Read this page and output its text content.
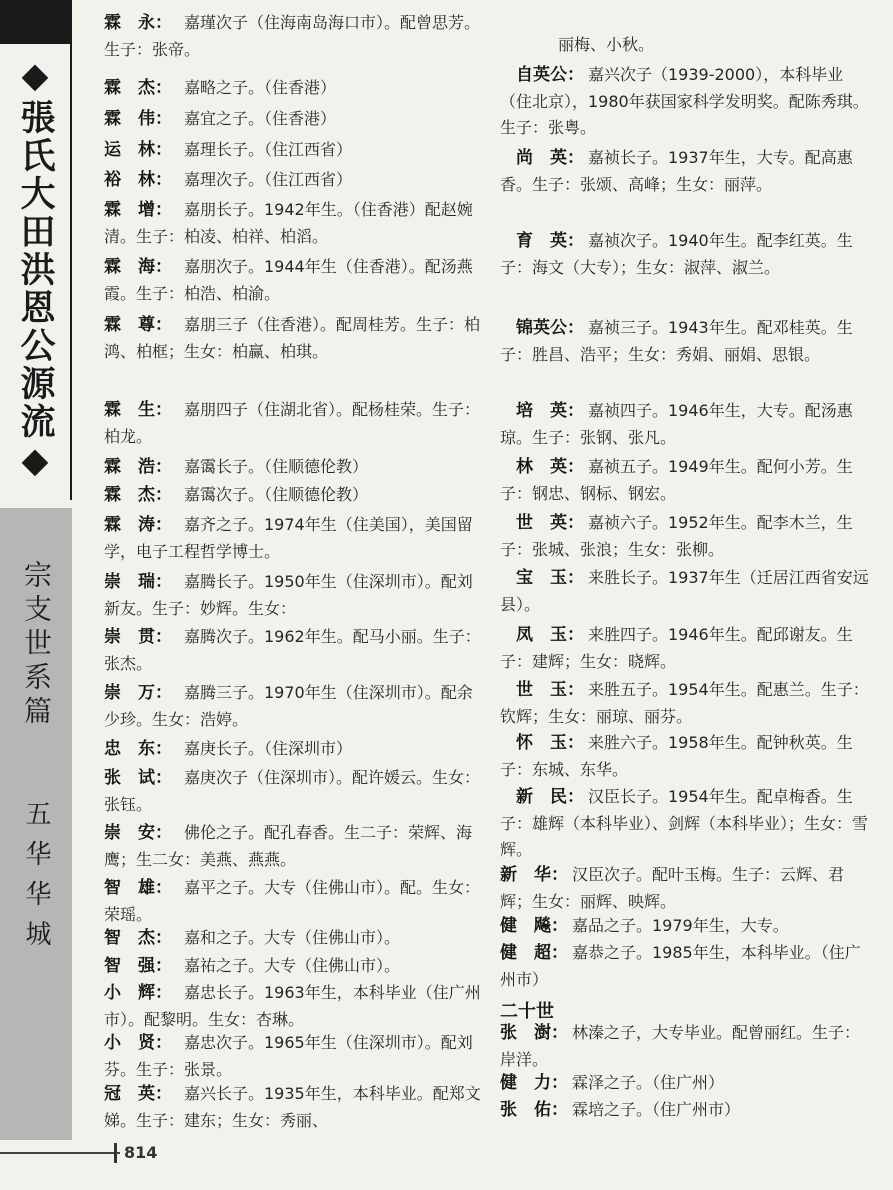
◆張氏大田洪恩公源流◆
宗支世系篇
五华华城
814
霖　永： 嘉瑾次子（住海南岛海口市）。配曾思芳。生子：张帝。

霖　杰： 嘉略之子。（住香港）

霖　伟： 嘉宜之子。（住香港）

运　林： 嘉理长子。（住江西省）

裕　林： 嘉理次子。（住江西省）

霖　增： 嘉朋长子。1942年生。（住香港）配赵婉清。生子：柏凌、柏祥、柏滔。

霖　海： 嘉朋次子。1944年生（住香港）。配汤燕霞。生子：柏浩、柏渝。

霖　尊： 嘉朋三子（住香港）。配周桂芳。生子：柏鸿、柏框；生女：柏赢、柏琪。

霖　生： 嘉朋四子（住湖北省）。配杨桂荣。生子：柏龙。

霖　浩： 嘉霭长子。（住顺德伦教）

霖　杰： 嘉霭次子。（住顺德伦教）

霖　涛： 嘉齐之子。1974年生（住美国），美国留学，电子工程哲学博士。

崇　瑞： 嘉腾长子。1950年生（住深圳市）。配刘新友。生子：妙辉。生女：

崇　贯： 嘉腾次子。1962年生。配马小丽。生子：张杰。

崇　万： 嘉腾三子。1970年生（住深圳市）。配余少珍。生女：浩婷。

忠　东： 嘉庚长子。（住深圳市）

张　试： 嘉庚次子（住深圳市）。配许媛云。生女：张钰。

崇　安： 佛伦之子。配孔春香。生二子：荣辉、海鹰；生二女：美燕、燕燕。

智　雄： 嘉平之子。大专（住佛山市）。配。生女：荣瑶。

智　杰： 嘉和之子。大专（住佛山市）。

智　强： 嘉祐之子。大专（住佛山市）。

小　辉： 嘉忠长子。1963年生，本科毕业（住广州市）。配黎明。生女：杏琳。

小　贤： 嘉忠次子。1965年生（住深圳市）。配刘芬。生子：张景。

冠　英： 嘉兴长子。1935年生，本科毕业。配郑文娣。生子：建东；生女：秀丽、

丽梅、小秋。

自英公： 嘉兴次子（1939-2000），本科毕业（住北京），1980年获国家科学发明奖。配陈秀琪。生子：张粤。

尚　英： 嘉祯长子。1937年生，大专。配高惠香。生子：张颂、高峰；生女：丽萍。

育　英： 嘉祯次子。1940年生。配李红英。生子：海文（大专）；生女：淑萍、淑兰。

锦英公： 嘉祯三子。1943年生。配邓桂英。生子：胜昌、浩平；生女：秀娟、丽娟、思银。

培　英： 嘉祯四子。1946年生，大专。配汤惠琼。生子：张钢、张凡。

林　英： 嘉祯五子。1949年生。配何小芳。生子：钢忠、钢标、钢宏。

世　英： 嘉祯六子。1952年生。配李木兰，生子：张城、张浪；生女：张柳。

宝　玉： 来胜长子。1937年生（迁居江西省安远县）。

凤　玉： 来胜四子。1946年生。配邱谢友。生子：建辉；生女：晓辉。

世　玉： 来胜五子。1954年生。配惠兰。生子：钦辉；生女：丽琼、丽芬。

怀　玉： 来胜六子。1958年生。配钟秋英。生子：东城、东华。

新　民： 汉臣长子。1954年生。配卓梅香。生子：雄辉（本科毕业）、剑辉（本科毕业）；生女：雪辉。

新　华： 汉臣次子。配叶玉梅。生子：云辉、君辉；生女：丽辉、映辉。

健　飚： 嘉品之子。1979年生，大专。

健　超： 嘉恭之子。1985年生，本科毕业。（住广州市）

二十世
张　澍： 林溱之子，大专毕业。配曾丽红。生子：岸洋。

健　力： 霖泽之子。（住广州）

张　佑： 霖培之子。（住广州市）
